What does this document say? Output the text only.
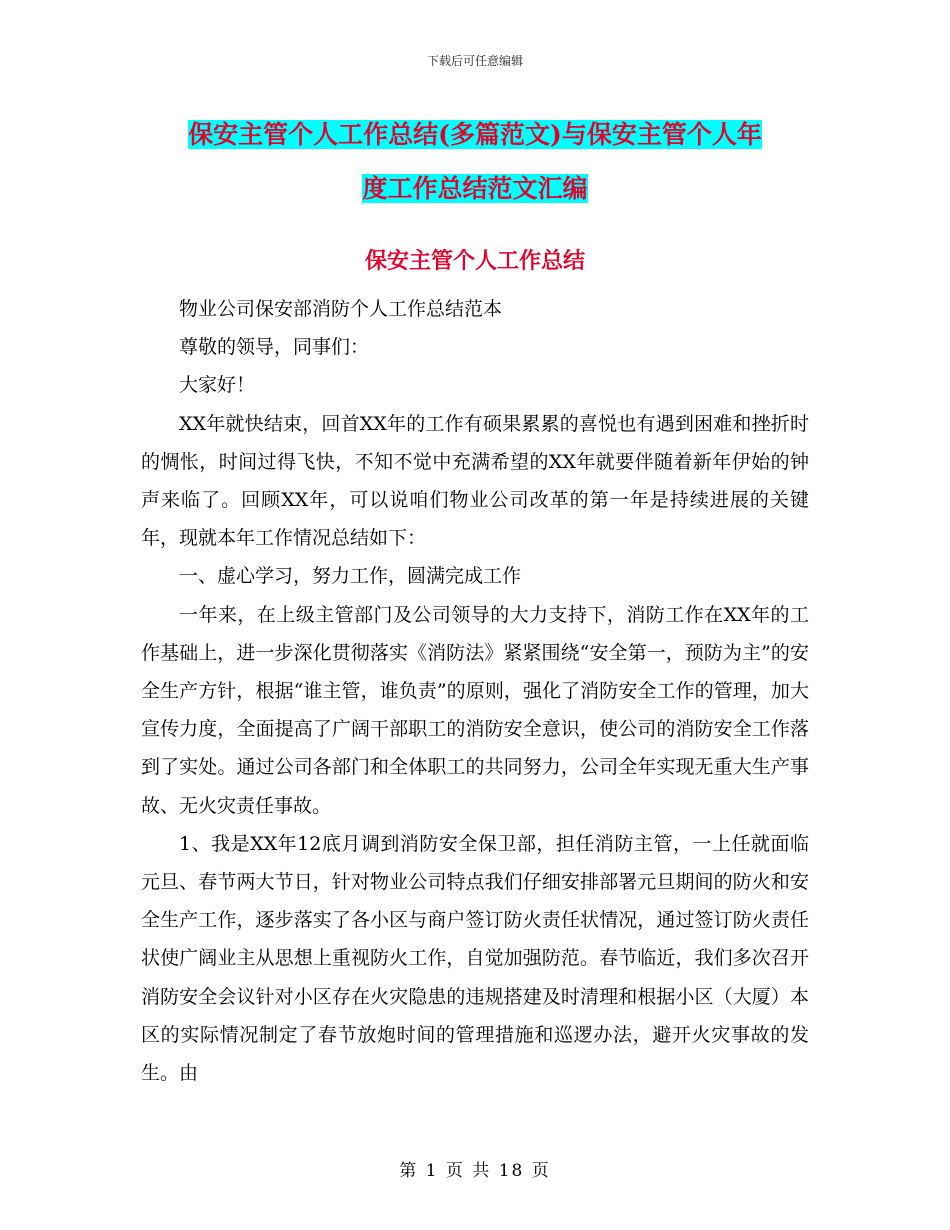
下载后可任意编辑
保安主管个人工作总结(多篇范文)与保安主管个人年
度工作总结范文汇编
保安主管个人工作总结

物业公司保安部消防个人工作总结范本

尊敬的领导，同事们：

大家好！

XX年就快结束，回首XX年的工作有硕果累累的喜悦也有遇到困难和挫折时的惆怅，时间过得飞快，不知不觉中充满希望的XX年就要伴随着新年伊始的钟声来临了。回顾XX年，可以说咱们物业公司改革的第一年是持续进展的关键年，现就本年工作情况总结如下：

一、虚心学习，努力工作，圆满完成工作

一年来，在上级主管部门及公司领导的大力支持下，消防工作在XX年的工作基础上，进一步深化贯彻落实《消防法》紧紧围绕“安全第一，预防为主”的安全生产方针，根据“谁主管，谁负责”的原则，强化了消防安全工作的管理，加大宣传力度，全面提高了广阔干部职工的消防安全意识，使公司的消防安全工作落到了实处。通过公司各部门和全体职工的共同努力，公司全年实现无重大生产事故、无火灾责任事故。

1、我是XX年12底月调到消防安全保卫部，担任消防主管，一上任就面临元旦、春节两大节日，针对物业公司特点我们仔细安排部署元旦期间的防火和安全生产工作，逐步落实了各小区与商户签订防火责任状情况，通过签订防火责任状使广阔业主从思想上重视防火工作，自觉加强防范。春节临近，我们多次召开消防安全会议针对小区存在火灾隐患的违规搭建及时清理和根据小区（大厦）本区的实际情况制定了春节放炮时间的管理措施和巡逻办法，避开火灾事故的发生。由

第 1 页 共 18 页
